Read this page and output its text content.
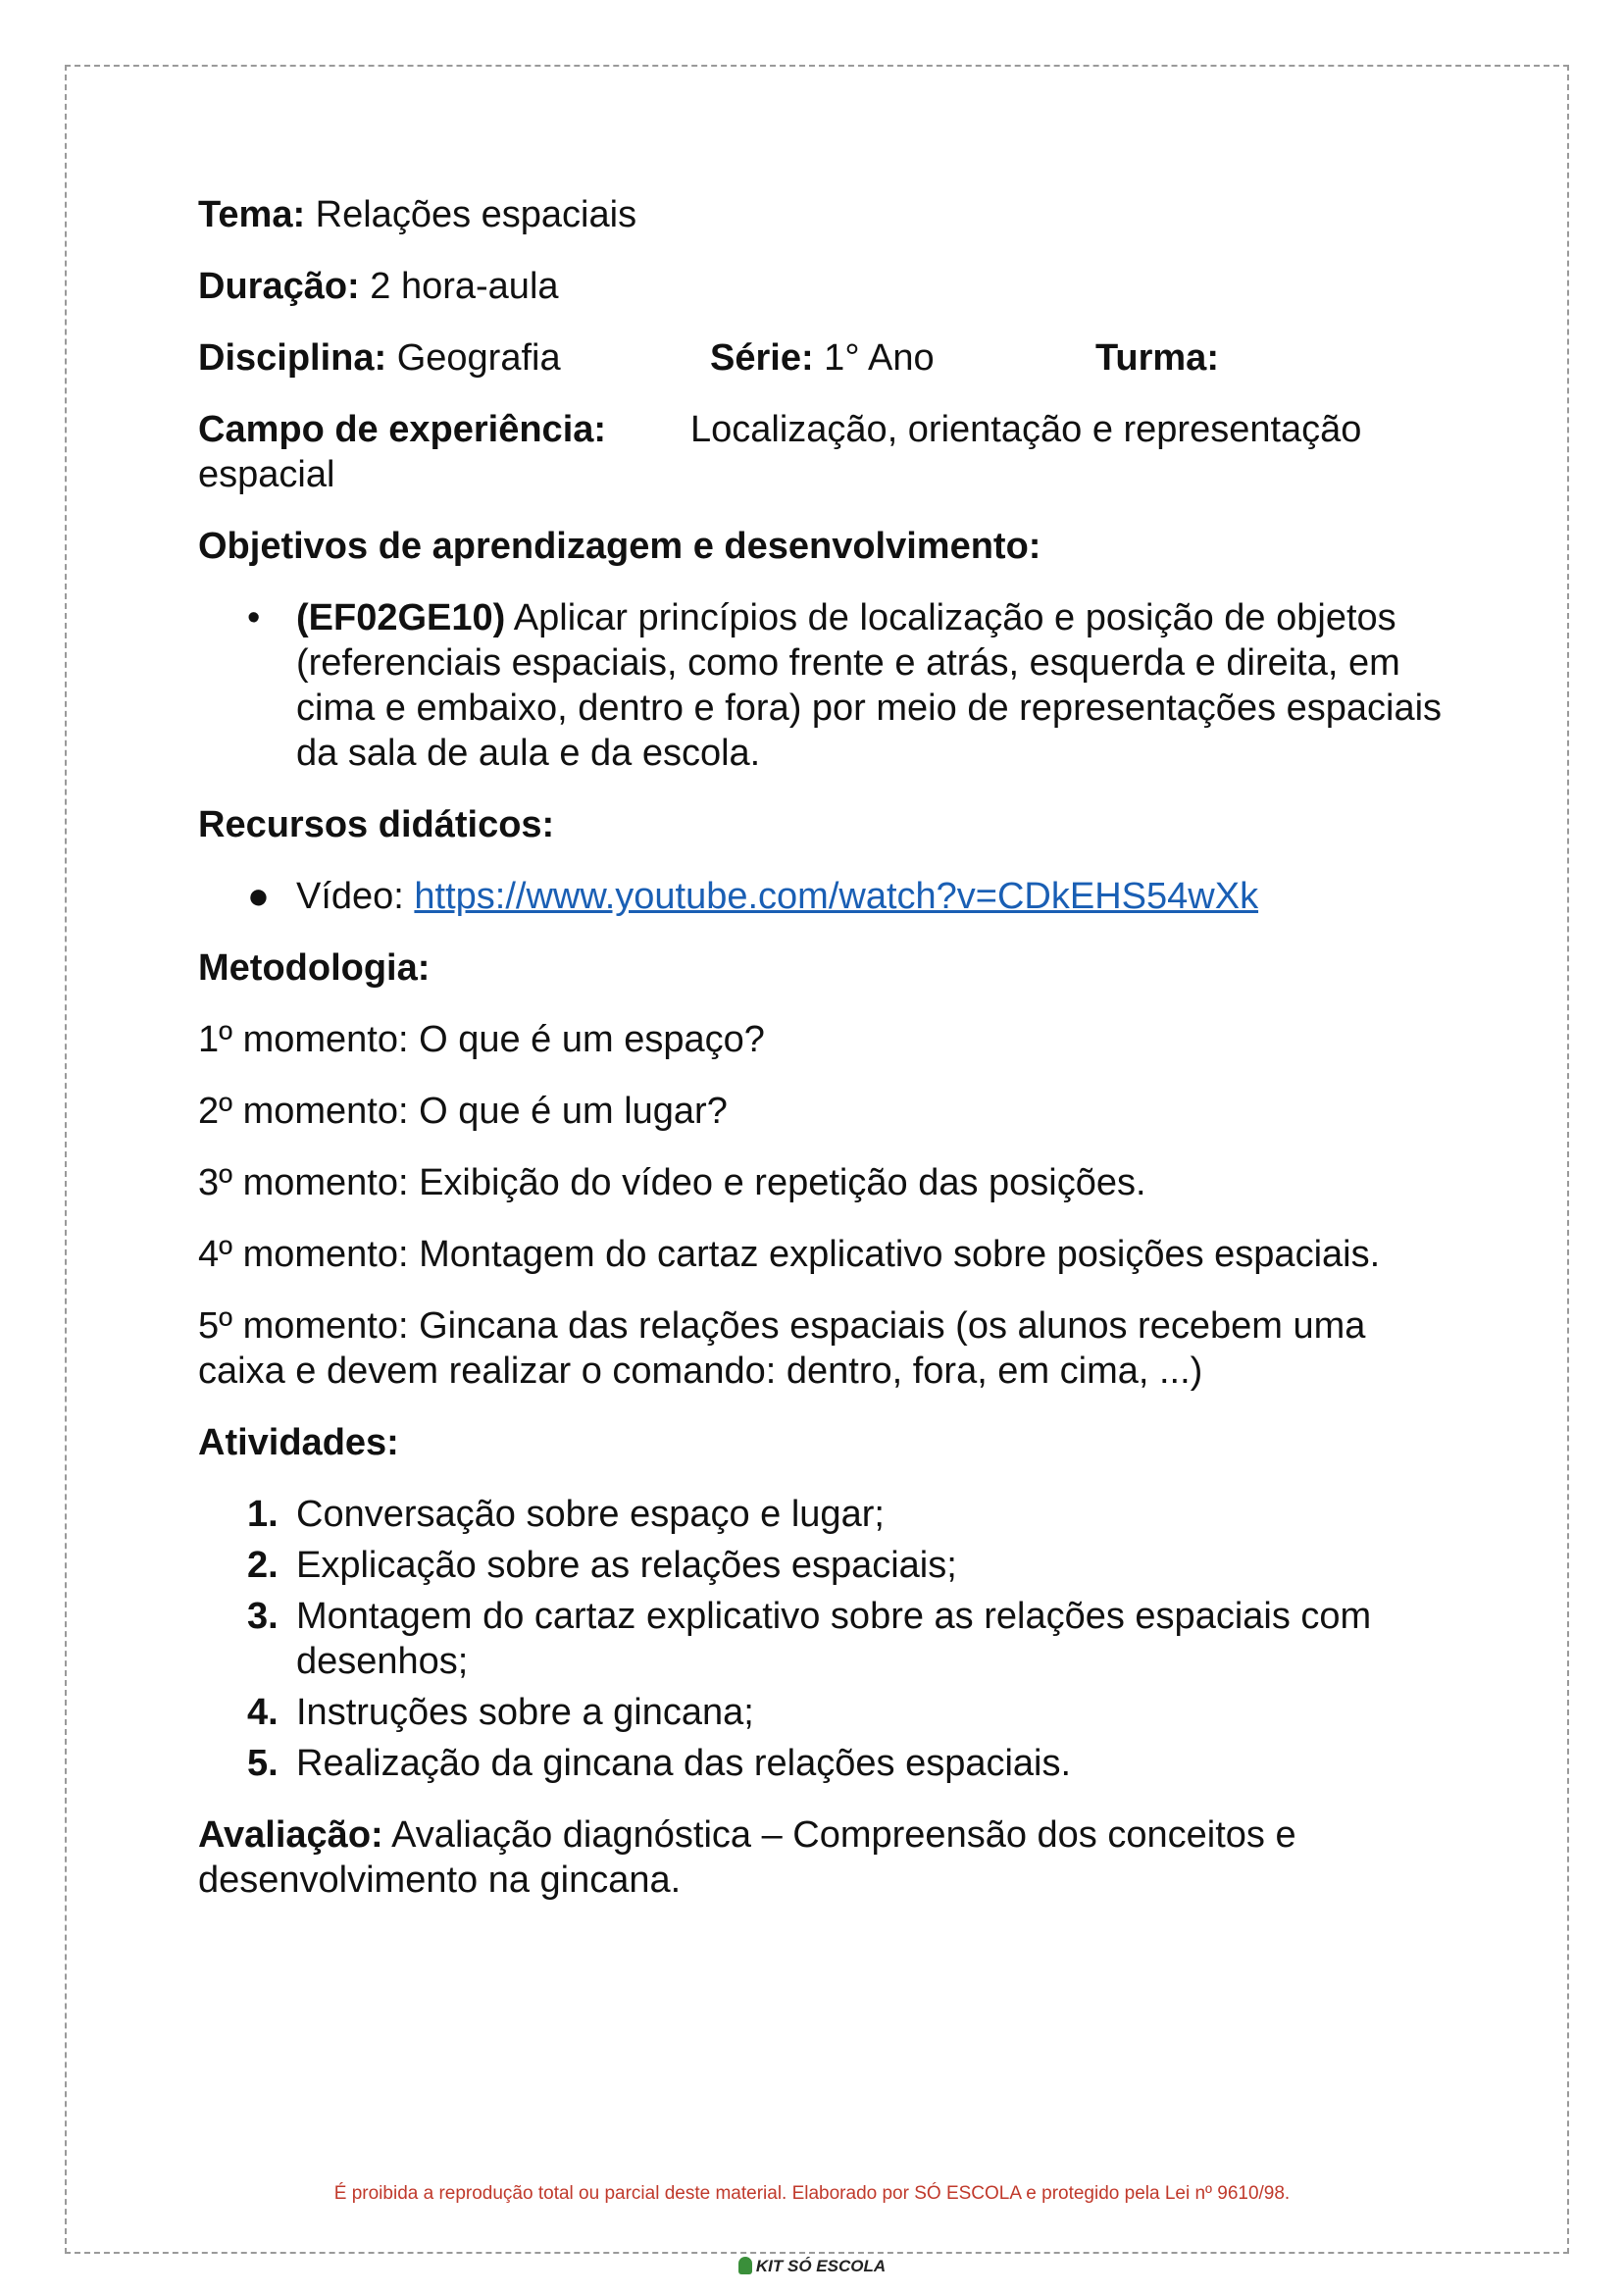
Tema: Relações espaciais
Duração: 2 hora-aula
Disciplina: Geografia	Série: 1° Ano	Turma:
Campo de experiência: Localização, orientação e representação
espacial
Objetivos de aprendizagem e desenvolvimento:
• (EF02GE10) Aplicar princípios de localização e posição de objetos (referenciais espaciais, como frente e atrás, esquerda e direita, em cima e embaixo, dentro e fora) por meio de representações espaciais da sala de aula e da escola.
Recursos didáticos:
● Vídeo: https://www.youtube.com/watch?v=CDkEHS54wXk
Metodologia:
1º momento: O que é um espaço?
2º momento: O que é um lugar?
3º momento: Exibição do vídeo e repetição das posições.
4º momento: Montagem do cartaz explicativo sobre posições espaciais.
5º momento: Gincana das relações espaciais (os alunos recebem uma caixa e devem realizar o comando: dentro, fora, em cima, ...)
Atividades:
1. Conversação sobre espaço e lugar;
2. Explicação sobre as relações espaciais;
3. Montagem do cartaz explicativo sobre as relações espaciais com desenhos;
4. Instruções sobre a gincana;
5. Realização da gincana das relações espaciais.
Avaliação: Avaliação diagnóstica – Compreensão dos conceitos e desenvolvimento na gincana.
É proibida a reprodução total ou parcial deste material. Elaborado por SÓ ESCOLA e protegido pela Lei nº 9610/98.
KIT SÓ ESCOLA
